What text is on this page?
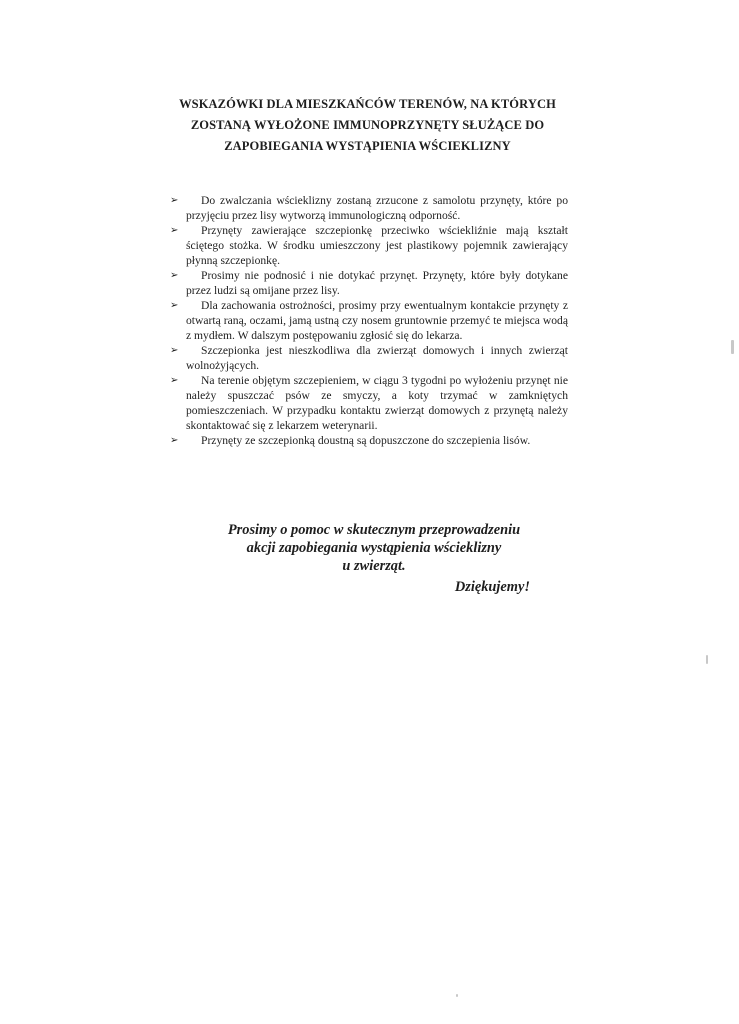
WSKAZÓWKI DLA MIESZKAŃCÓW TERENÓW, NA KTÓRYCH
ZOSTANĄ WYŁOŻONE IMMUNOPRZYNĘTY SŁUŻĄCE DO
ZAPOBIEGANIA WYSTĄPIENIA WŚCIEKLIZNY
➢ Do zwalczania wścieklizny zostaną zrzucone z samolotu przynęty, które po przyjęciu przez lisy wytworzą immunologiczną odporność.
➢ Przynęty zawierające szczepionkę przeciwko wściekliźnie mają kształt ściętego stożka. W środku umieszczony jest plastikowy pojemnik zawierający płynną szczepionkę.
➢ Prosimy nie podnosić i nie dotykać przynęt. Przynęty, które były dotykane przez ludzi są omijane przez lisy.
➢ Dla zachowania ostrożności, prosimy przy ewentualnym kontakcie przynęty z otwartą raną, oczami, jamą ustną czy nosem gruntownie przemyć te miejsca wodą z mydłem. W dalszym postępowaniu zgłosić się do lekarza.
➢ Szczepionka jest nieszkodliwa dla zwierząt domowych i innych zwierząt wolnożyjących.
➢ Na terenie objętym szczepieniem, w ciągu 3 tygodni po wyłożeniu przynęt nie należy spuszczać psów ze smyczy, a koty trzymać w zamkniętych pomieszczeniach. W przypadku kontaktu zwierząt domowych z przynętą należy skontaktować się z lekarzem weterynarii.
➢ Przynęty ze szczepionką doustną są dopuszczone do szczepienia lisów.
Prosimy o pomoc w skutecznym przeprowadzeniu
akcji zapobiegania wystąpienia wścieklizny
u zwierząt.
Dziękujemy!
